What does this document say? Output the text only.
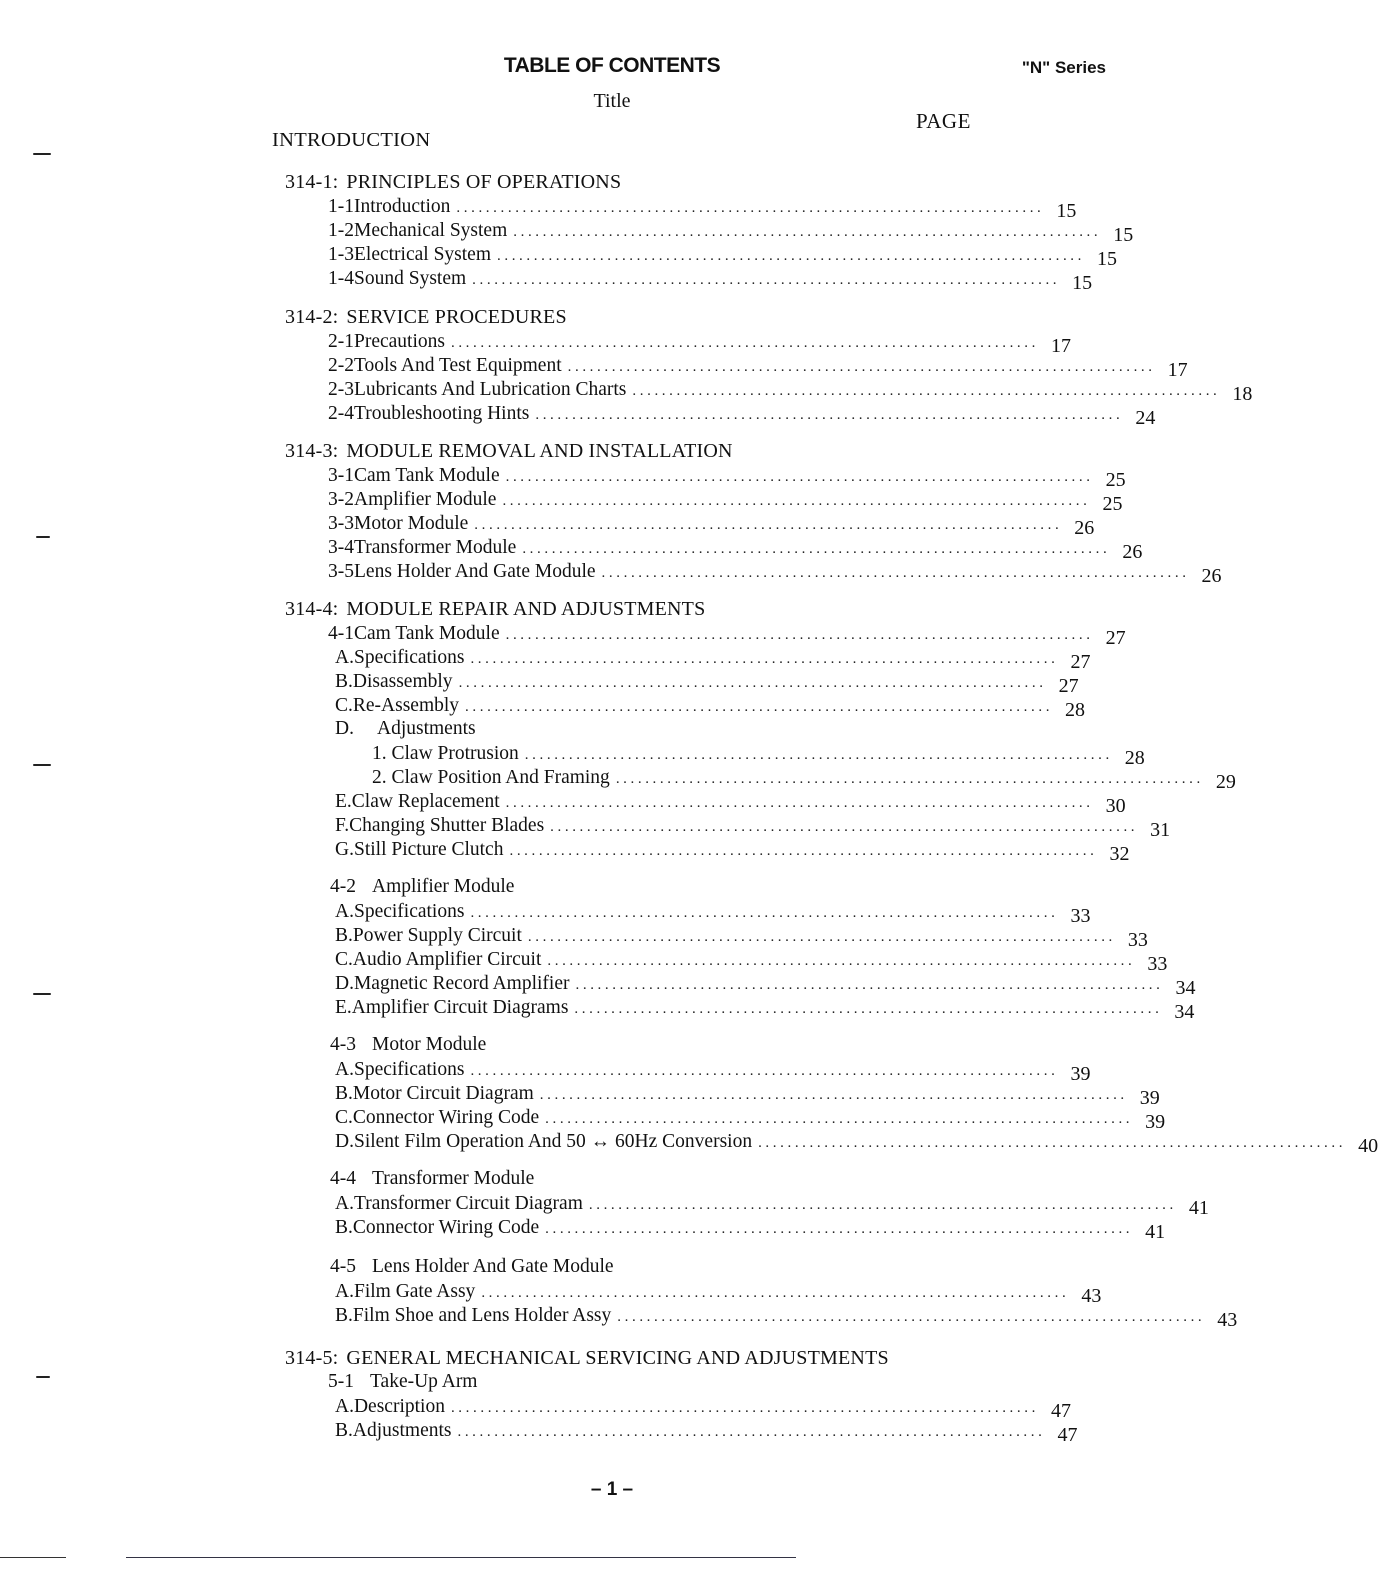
TABLE OF CONTENTS	"N" Series
Title
PAGE
INTRODUCTION
314-1: PRINCIPLES OF OPERATIONS
1-1 Introduction ................................................................................ 15
1-2 Mechanical System ................................................................................ 15
1-3 Electrical System ................................................................................ 15
1-4 Sound System ................................................................................ 15
314-2: SERVICE PROCEDURES
2-1 Precautions ................................................................................ 17
2-2 Tools And Test Equipment ................................................................................ 17
2-3 Lubricants And Lubrication Charts ................................................................................ 18
2-4 Troubleshooting Hints ................................................................................ 24
314-3: MODULE REMOVAL AND INSTALLATION
3-1 Cam Tank Module ................................................................................ 25
3-2 Amplifier Module ................................................................................ 25
3-3 Motor Module ................................................................................ 26
3-4 Transformer Module ................................................................................ 26
3-5 Lens Holder And Gate Module ................................................................................ 26
314-4: MODULE REPAIR AND ADJUSTMENTS
4-1 Cam Tank Module ................................................................................ 27
A. Specifications ................................................................................ 27
B. Disassembly ................................................................................ 27
C. Re-Assembly ................................................................................ 28
D.	Adjustments
1. Claw Protrusion ................................................................................ 28
2. Claw Position And Framing ................................................................................ 29
E. Claw Replacement ................................................................................ 30
F. Changing Shutter Blades ................................................................................ 31
G. Still Picture Clutch ................................................................................ 32
4-2 Amplifier Module
A. Specifications ................................................................................ 33
B. Power Supply Circuit ................................................................................ 33
C. Audio Amplifier Circuit ................................................................................ 33
D. Magnetic Record Amplifier ................................................................................ 34
E. Amplifier Circuit Diagrams ................................................................................ 34
4-3 Motor Module
A. Specifications ................................................................................ 39
B. Motor Circuit Diagram ................................................................................ 39
C. Connector Wiring Code ................................................................................ 39
D. Silent Film Operation And 50 ↔ 60Hz Conversion ................................................................................ 40
4-4 Transformer Module
A. Transformer Circuit Diagram ................................................................................ 41
B. Connector Wiring Code ................................................................................ 41
4-5 Lens Holder And Gate Module
A. Film Gate Assy ................................................................................ 43
B. Film Shoe and Lens Holder Assy ................................................................................ 43
314-5: GENERAL MECHANICAL SERVICING AND ADJUSTMENTS
5-1 Take-Up Arm
A. Description ................................................................................ 47
B. Adjustments ................................................................................ 47
– 1 –
